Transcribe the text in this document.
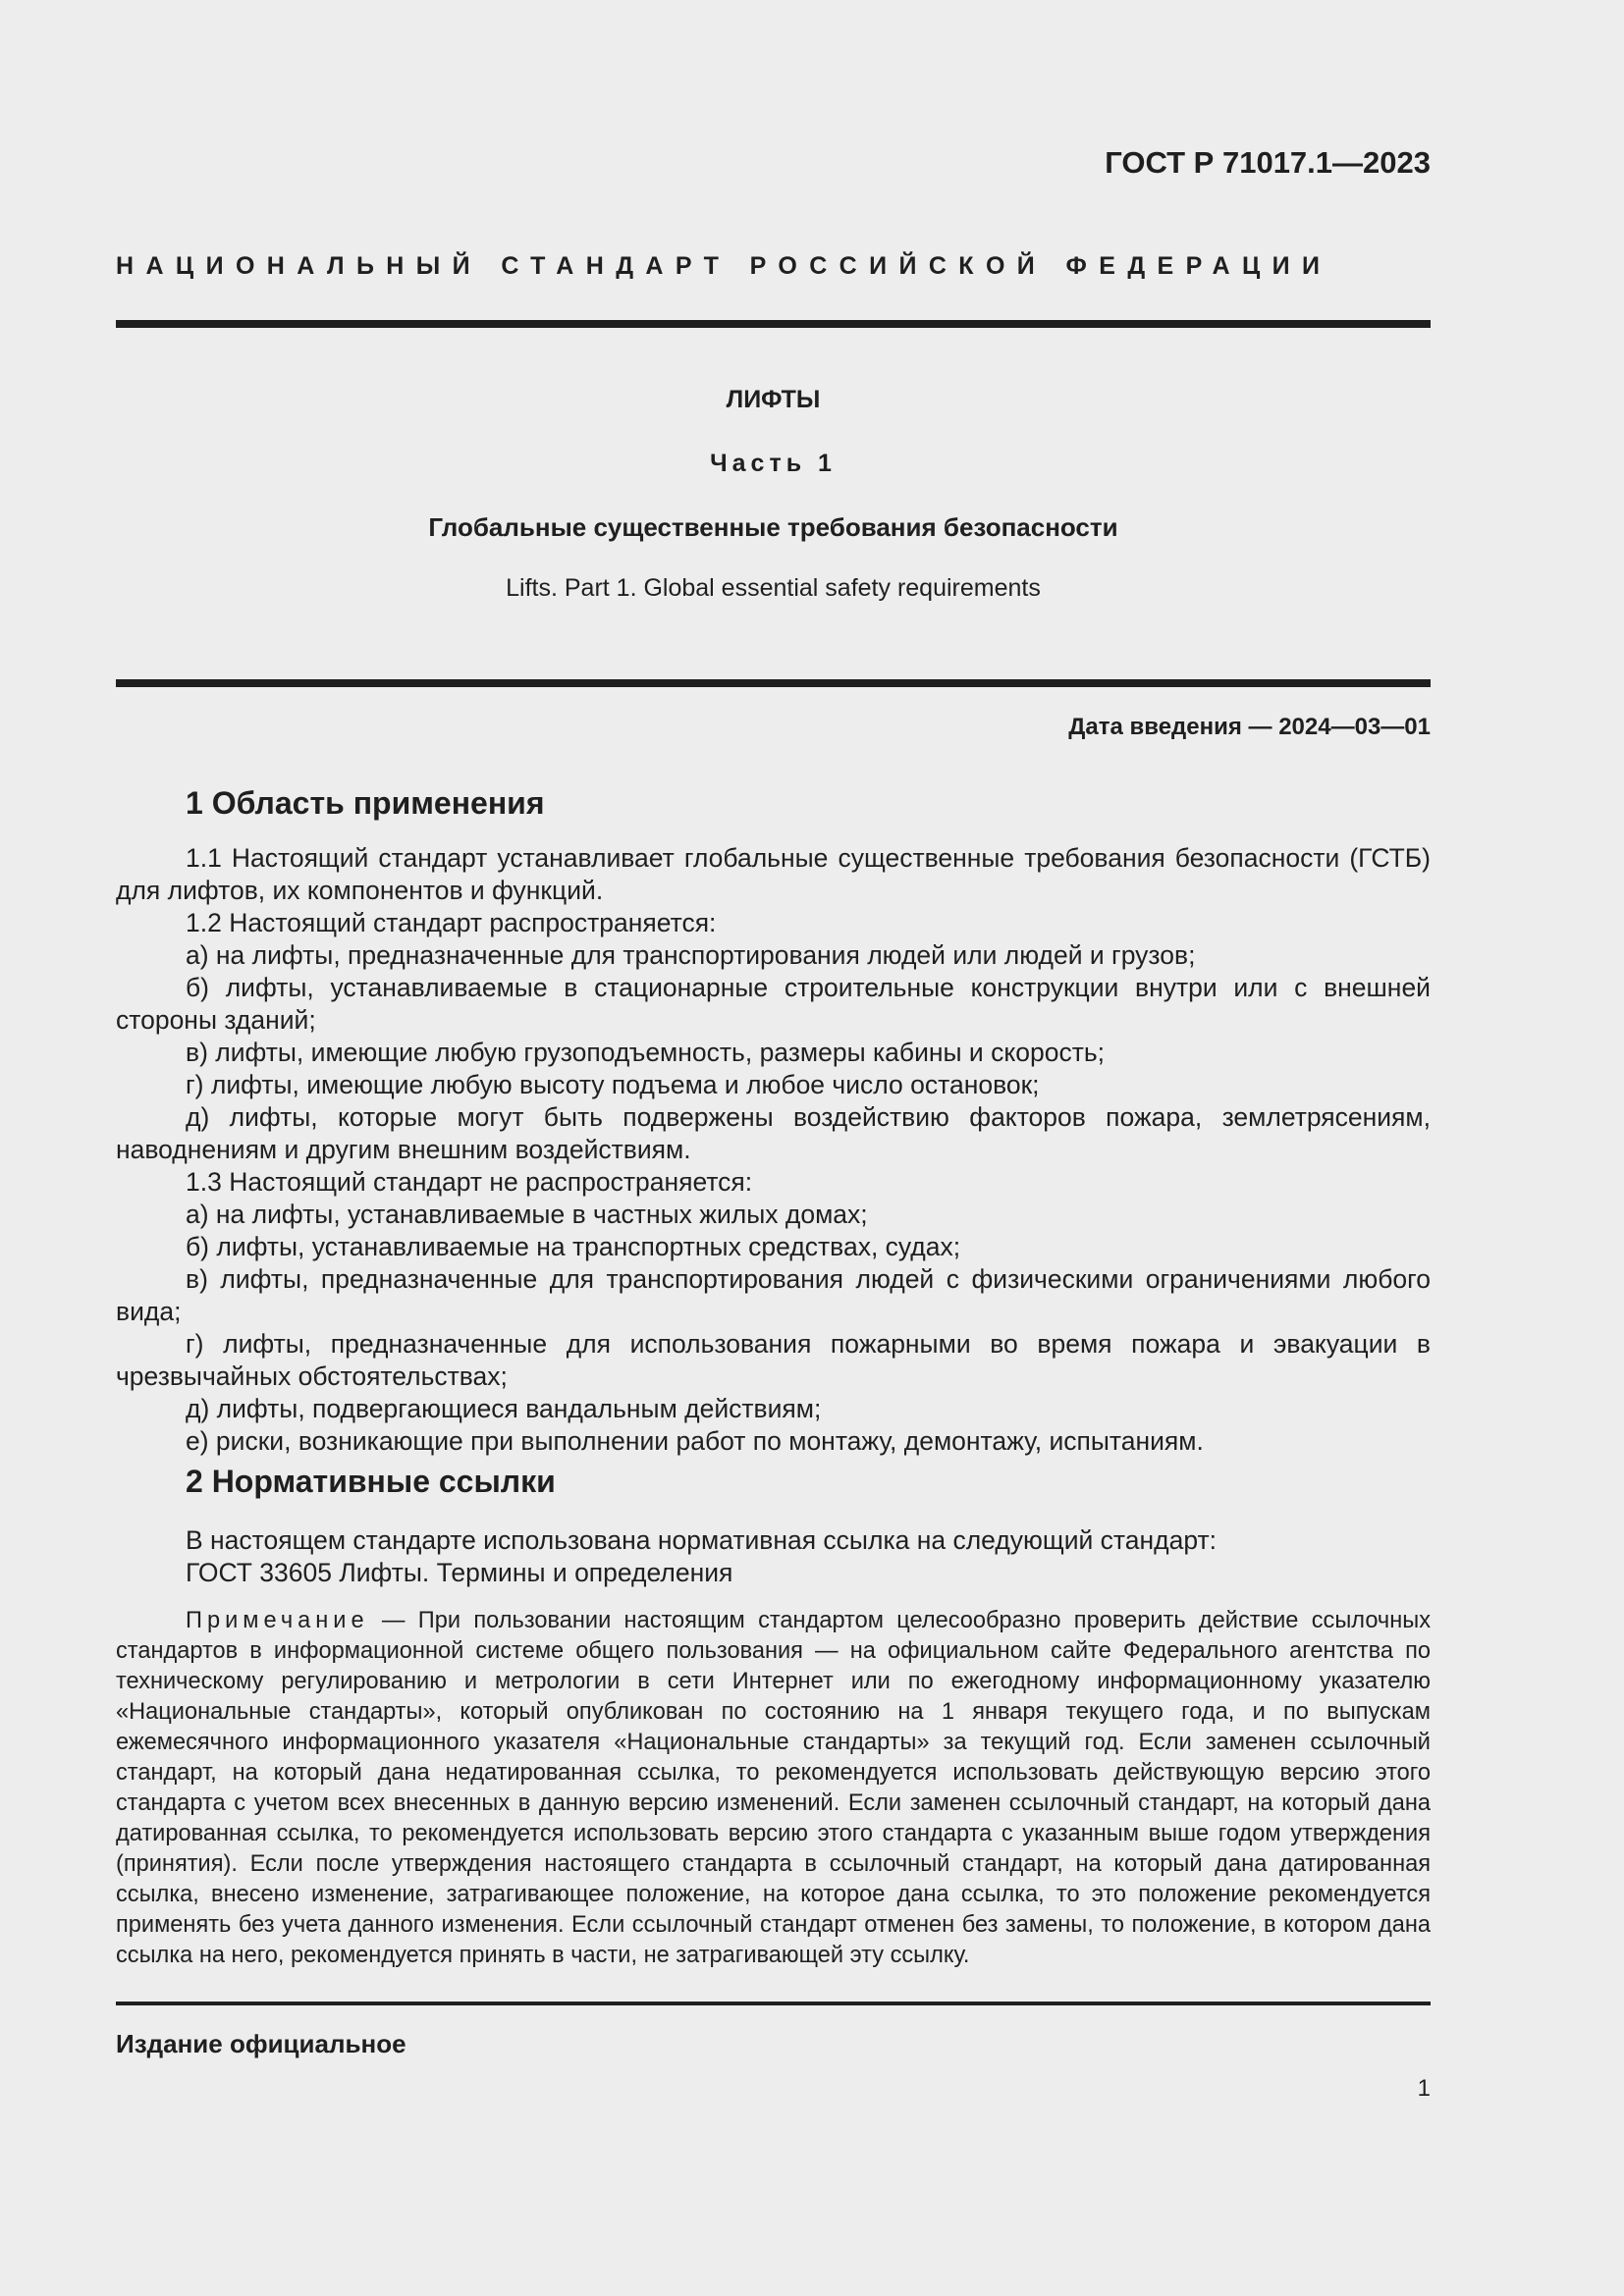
ГОСТ Р 71017.1—2023
НАЦИОНАЛЬНЫЙ СТАНДАРТ РОССИЙСКОЙ ФЕДЕРАЦИИ
ЛИФТЫ
Часть 1
Глобальные существенные требования безопасности
Lifts. Part 1. Global essential safety requirements
Дата введения — 2024—03—01
1 Область применения

1.1 Настоящий стандарт устанавливает глобальные существенные требования безопасности (ГСТБ) для лифтов, их компонентов и функций.

1.2 Настоящий стандарт распространяется:

а) на лифты, предназначенные для транспортирования людей или людей и грузов;

б) лифты, устанавливаемые в стационарные строительные конструкции внутри или с внешней стороны зданий;

в) лифты, имеющие любую грузоподъемность, размеры кабины и скорость;

г) лифты, имеющие любую высоту подъема и любое число остановок;

д) лифты, которые могут быть подвержены воздействию факторов пожара, землетрясениям, наводнениям и другим внешним воздействиям.

1.3 Настоящий стандарт не распространяется:

а) на лифты, устанавливаемые в частных жилых домах;

б) лифты, устанавливаемые на транспортных средствах, судах;

в) лифты, предназначенные для транспортирования людей с физическими ограничениями любого вида;

г) лифты, предназначенные для использования пожарными во время пожара и эвакуации в чрезвычайных обстоятельствах;

д) лифты, подвергающиеся вандальным действиям;

е) риски, возникающие при выполнении работ по монтажу, демонтажу, испытаниям.

2 Нормативные ссылки

В настоящем стандарте использована нормативная ссылка на следующий стандарт:

ГОСТ 33605 Лифты. Термины и определения

Примечание — При пользовании настоящим стандартом целесообразно проверить действие ссылочных стандартов в информационной системе общего пользования — на официальном сайте Федерального агентства по техническому регулированию и метрологии в сети Интернет или по ежегодному информационному указателю «Национальные стандарты», который опубликован по состоянию на 1 января текущего года, и по выпускам ежемесячного информационного указателя «Национальные стандарты» за текущий год. Если заменен ссылочный стандарт, на который дана недатированная ссылка, то рекомендуется использовать действующую версию этого стандарта с учетом всех внесенных в данную версию изменений. Если заменен ссылочный стандарт, на который дана датированная ссылка, то рекомендуется использовать версию этого стандарта с указанным выше годом утверждения (принятия). Если после утверждения настоящего стандарта в ссылочный стандарт, на который дана датированная ссылка, внесено изменение, затрагивающее положение, на которое дана ссылка, то это положение рекомендуется применять без учета данного изменения. Если ссылочный стандарт отменен без замены, то положение, в котором дана ссылка на него, рекомендуется принять в части, не затрагивающей эту ссылку.
Издание официальное
1
